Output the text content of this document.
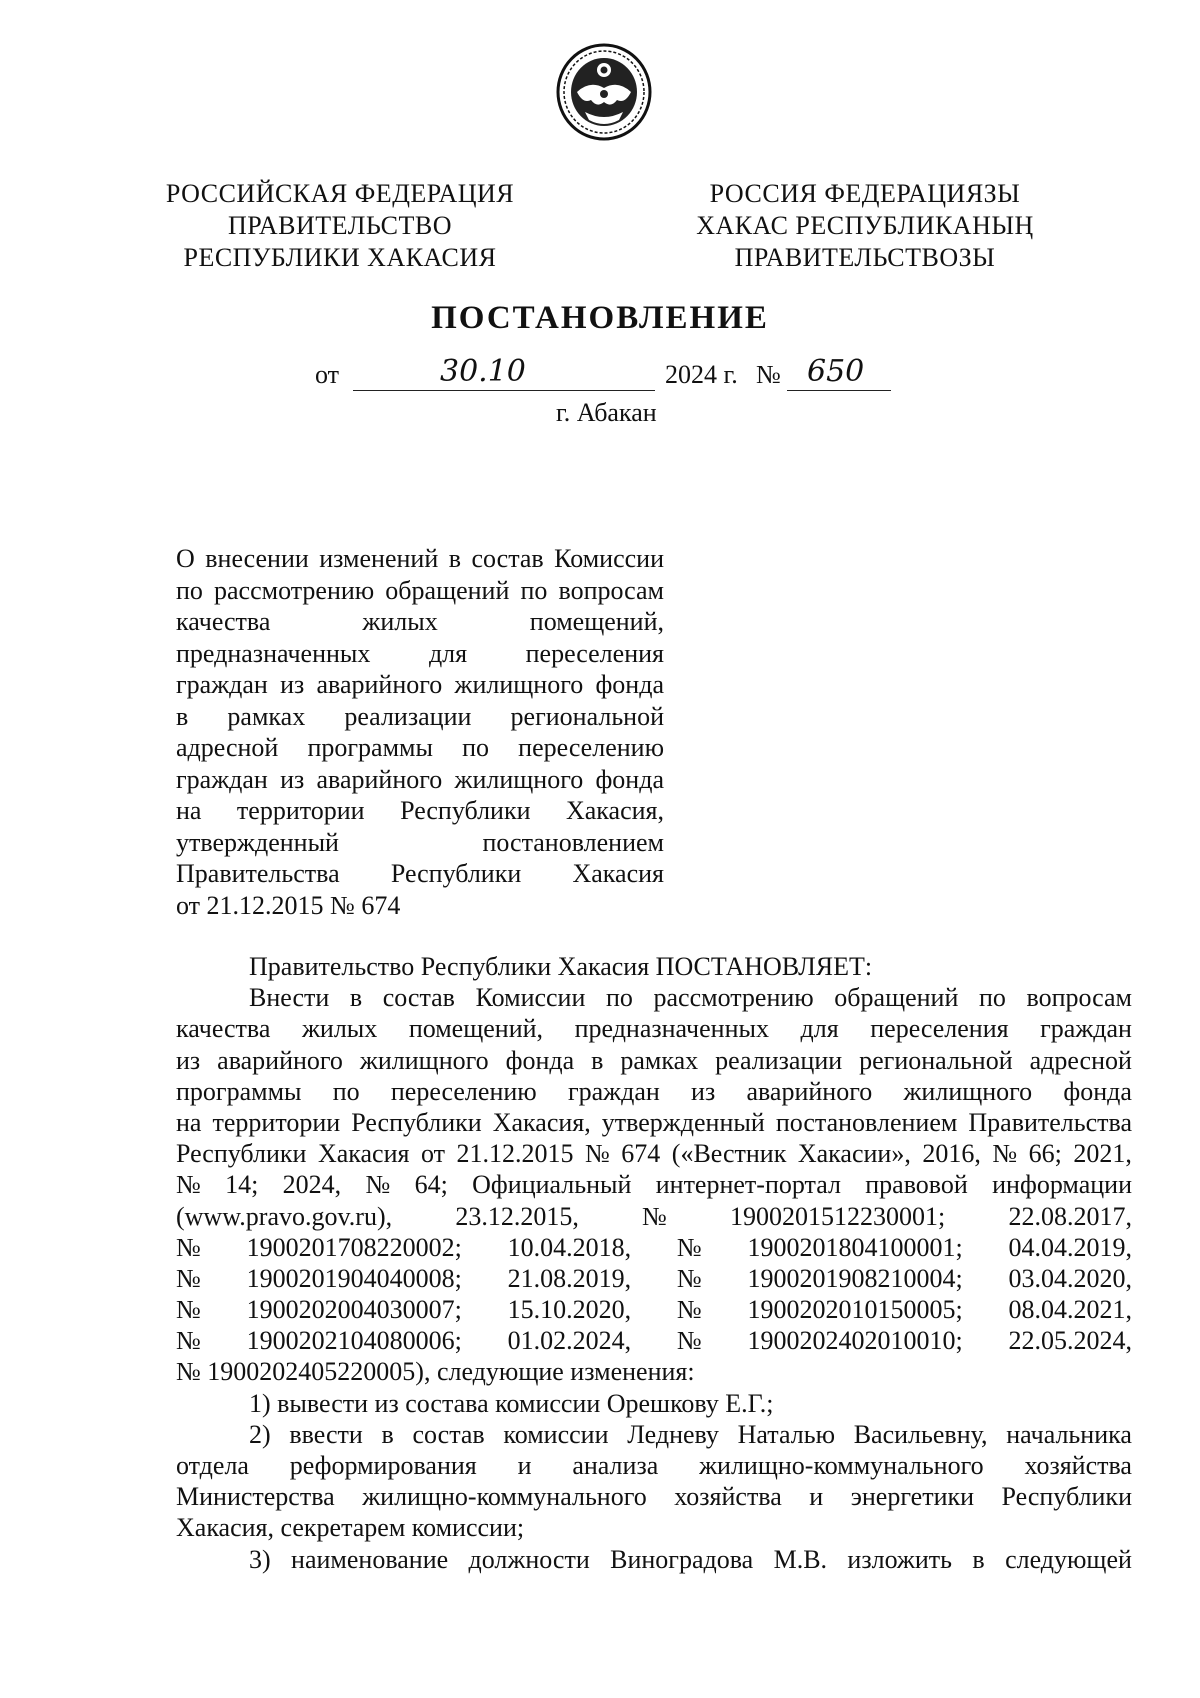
РОССИЙСКАЯ ФЕДЕРАЦИЯ
ПРАВИТЕЛЬСТВО
РЕСПУБЛИКИ ХАКАСИЯ
РОССИЯ ФЕДЕРАЦИЯЗЫ
ХАКАС РЕСПУБЛИКАНЫҢ
ПРАВИТЕЛЬСТВОЗЫ
ПОСТАНОВЛЕНИЕ
от	30.10	2024 г. № 650
г. Абакан
О внесении изменений в состав Комиссии
по рассмотрению обращений по вопросам
качества жилых помещений,
предназначенных для переселения
граждан из аварийного жилищного фонда
в рамках реализации региональной
адресной программы по переселению
граждан из аварийного жилищного фонда
на территории Республики Хакасия,
утвержденный постановлением
Правительства Республики Хакасия
от 21.12.2015 № 674
Правительство Республики Хакасия ПОСТАНОВЛЯЕТ:
Внести в состав Комиссии по рассмотрению обращений по вопросам
качества жилых помещений, предназначенных для переселения граждан
из аварийного жилищного фонда в рамках реализации региональной адресной
программы по переселению граждан из аварийного жилищного фонда
на территории Республики Хакасия, утвержденный постановлением Правительства
Республики Хакасия от 21.12.2015 № 674 («Вестник Хакасии», 2016, № 66; 2021,
№ 14; 2024, № 64; Официальный интернет-портал правовой информации
(www.pravo.gov.ru), 23.12.2015, № 1900201512230001; 22.08.2017,
№ 1900201708220002; 10.04.2018, № 1900201804100001; 04.04.2019,
№ 1900201904040008; 21.08.2019, № 1900201908210004; 03.04.2020,
№ 1900202004030007; 15.10.2020, № 1900202010150005; 08.04.2021,
№ 1900202104080006; 01.02.2024, № 1900202402010010; 22.05.2024,
№ 1900202405220005), следующие изменения:
1) вывести из состава комиссии Орешкову Е.Г.;
2) ввести в состав комиссии Ледневу Наталью Васильевну, начальника
отдела реформирования и анализа жилищно-коммунального хозяйства
Министерства жилищно-коммунального хозяйства и энергетики Республики
Хакасия, секретарем комиссии;
3) наименование должности Виноградова М.В. изложить в следующей
